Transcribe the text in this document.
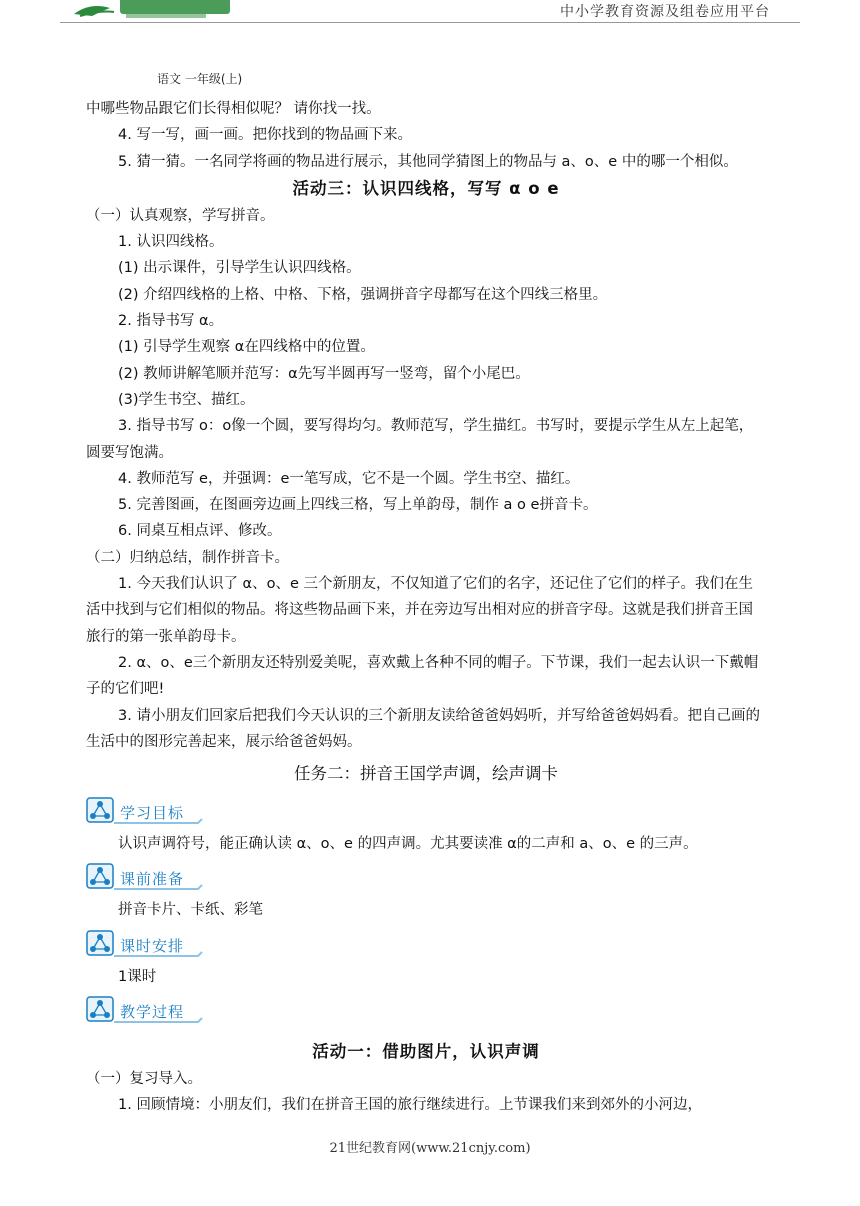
中小学教育资源及组卷应用平台
语文 一年级(上)

中哪些物品跟它们长得相似呢？ 请你找一找。

4. 写一写，画一画。把你找到的物品画下来。

5. 猜一猜。一名同学将画的物品进行展示，其他同学猜图上的物品与 a、o、e 中的哪一个相似。

活动三：认识四线格，写写 α o e

（一）认真观察，学写拼音。

1. 认识四线格。

(1) 出示课件，引导学生认识四线格。

(2) 介绍四线格的上格、中格、下格，强调拼音字母都写在这个四线三格里。

2. 指导书写 α。

(1) 引导学生观察 α在四线格中的位置。

(2) 教师讲解笔顺并范写：α先写半圆再写一竖弯，留个小尾巴。

(3)学生书空、描红。

3. 指导书写 o：o像一个圆，要写得均匀。教师范写，学生描红。书写时，要提示学生从左上起笔，圆要写饱满。

4. 教师范写 e，并强调：e一笔写成，它不是一个圆。学生书空、描红。

5. 完善图画，在图画旁边画上四线三格，写上单韵母，制作 a o e拼音卡。

6. 同桌互相点评、修改。

（二）归纳总结，制作拼音卡。

1. 今天我们认识了 α、o、e 三个新朋友，不仅知道了它们的名字，还记住了它们的样子。我们在生活中找到与它们相似的物品。将这些物品画下来，并在旁边写出相对应的拼音字母。这就是我们拼音王国旅行的第一张单韵母卡。

2. α、o、e三个新朋友还特别爱美呢，喜欢戴上各种不同的帽子。下节课，我们一起去认识一下戴帽子的它们吧!

3. 请小朋友们回家后把我们今天认识的三个新朋友读给爸爸妈妈听，并写给爸爸妈妈看。把自己画的生活中的图形完善起来，展示给爸爸妈妈。

任务二：拼音王国学声调，绘声调卡

学习目标

认识声调符号，能正确认读 α、o、e 的四声调。尤其要读准 α的二声和 a、o、e 的三声。

课前准备

拼音卡片、卡纸、彩笔

课时安排

1课时

教学过程

活动一：借助图片，认识声调

（一）复习导入。

1. 回顾情境：小朋友们，我们在拼音王国的旅行继续进行。上节课我们来到郊外的小河边，

21世纪教育网(www.21cnjy.com)
